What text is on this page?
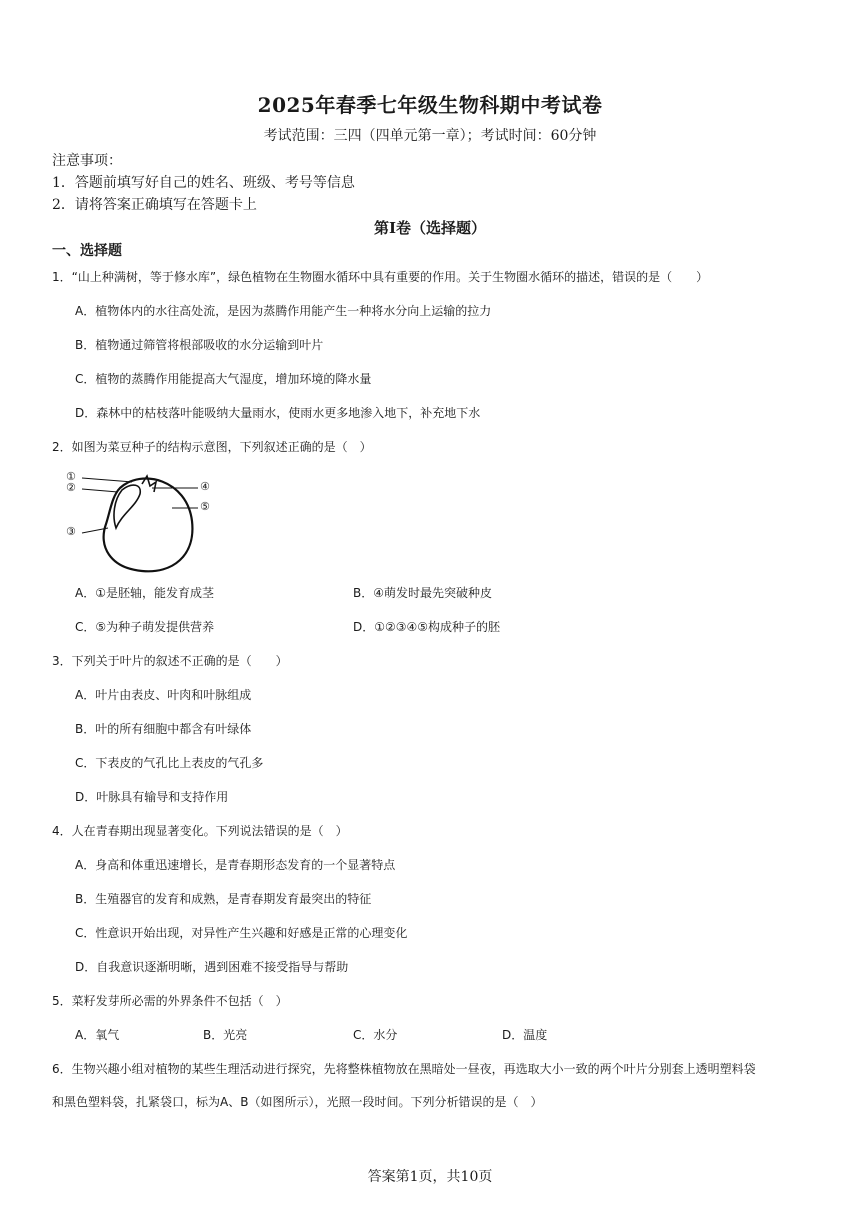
2025年春季七年级生物科期中考试卷
考试范围：三四（四单元第一章）；考试时间：60分钟
注意事项：
1．答题前填写好自己的姓名、班级、考号等信息
2．请将答案正确填写在答题卡上
第Ⅰ卷（选择题）
一、选择题
1．“山上种满树，等于修水库”，绿色植物在生物圈水循环中具有重要的作用。关于生物圈水循环的描述，错误的是（　　）
A．植物体内的水往高处流，是因为蒸腾作用能产生一种将水分向上运输的拉力
B．植物通过筛管将根部吸收的水分运输到叶片
C．植物的蒸腾作用能提高大气湿度，增加环境的降水量
D．森林中的枯枝落叶能吸纳大量雨水，使雨水更多地渗入地下，补充地下水
2．如图为菜豆种子的结构示意图，下列叙述正确的是（　）
①
②
③
④
⑤
A．①是胚轴，能发育成茎	B．④萌发时最先突破种皮
C．⑤为种子萌发提供营养	D．①②③④⑤构成种子的胚
3．下列关于叶片的叙述不正确的是（　　）
A．叶片由表皮、叶肉和叶脉组成
B．叶的所有细胞中都含有叶绿体
C．下表皮的气孔比上表皮的气孔多
D．叶脉具有输导和支持作用
4．人在青春期出现显著变化。下列说法错误的是（　）
A．身高和体重迅速增长，是青春期形态发育的一个显著特点
B．生殖器官的发育和成熟，是青春期发育最突出的特征
C．性意识开始出现，对异性产生兴趣和好感是正常的心理变化
D．自我意识逐渐明晰，遇到困难不接受指导与帮助
5．菜籽发芽所必需的外界条件不包括（　）
A．氧气	B．光亮	C．水分	D．温度
6．生物兴趣小组对植物的某些生理活动进行探究，先将整株植物放在黑暗处一昼夜，再选取大小一致的两个叶片分别套上透明塑料袋
和黑色塑料袋，扎紧袋口，标为A、B（如图所示），光照一段时间。下列分析错误的是（　）
答案第1页，共10页
